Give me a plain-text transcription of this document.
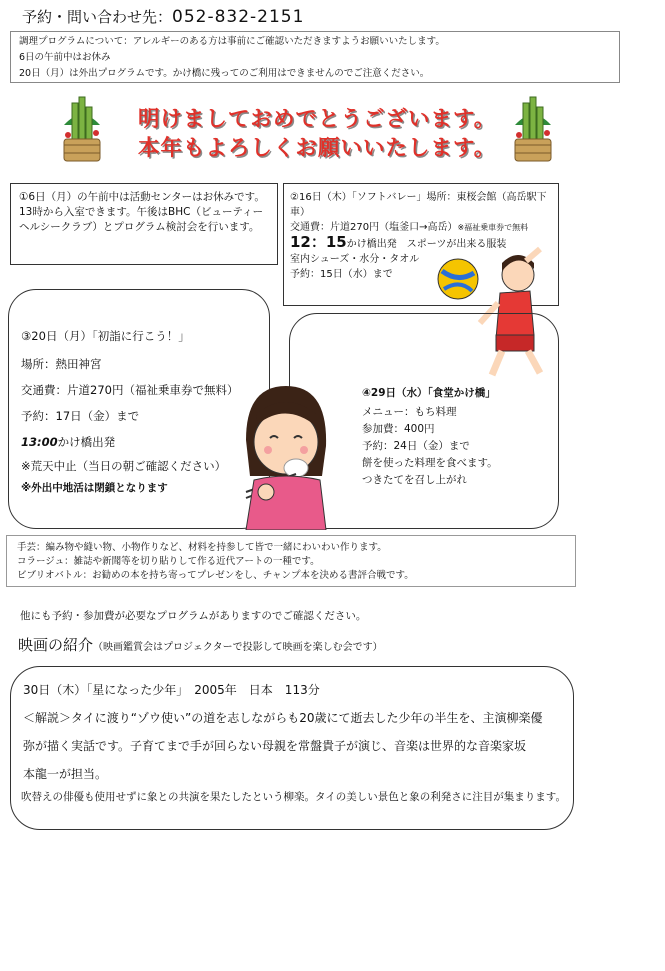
予約・問い合わせ先：052-832-2151
調理プログラムについて：アレルギーのある方は事前にご確認いただきますようお願いいたします。
6日の午前中はお休み
20日（月）は外出プログラムです。かけ橋に残ってのご利用はできませんのでご注意ください。
明けましておめでとうございます。
本年もよろしくお願いいたします。
①6日（月）の午前中は活動センターはお休みです。13時から入室できます。午後はBHC（ビューティーヘルシークラブ）とプログラム検討会を行います。
②16日（木）「ソフトバレー」場所：東桜会館（高岳駅下車）
交通費：片道270円（塩釜口→高岳）※福祉乗車券で無料
12：15かけ橋出発　スポーツが出来る服装
室内シューズ・水分・タオル
予約：15日（水）まで
③20日（月）「初詣に行こう！」
場所：熱田神宮
交通費：片道270円（福祉乗車券で無料）
予約：17日（金）まで
13:00かけ橋出発
※荒天中止（当日の朝ご確認ください）
※外出中地活は閉鎖となります
④29日（水）「食堂かけ橋」
メニュー：もち料理
参加費：400円
予約：24日（金）まで
餅を使った料理を食べます。
つきたてを召し上がれ
手芸：編み物や縫い物、小物作りなど、材料を持参して皆で一緒にわいわい作ります。
コラージュ：雑誌や新聞等を切り貼りして作る近代アートの一種です。
ビブリオバトル：お勧めの本を持ち寄ってプレゼンをし、チャンプ本を決める書評合戦です。
他にも予約・参加費が必要なプログラムがありますのでご確認ください。
映画の紹介（映画鑑賞会はプロジェクターで投影して映画を楽しむ会です）
30日（木）「星になった少年」　2005年　日本　113分
＜解説＞タイに渡り“ゾウ使い”の道を志しながらも20歳にて逝去した少年の半生を、主演柳楽優
弥が描く実話です。子育てまで手が回らない母親を常盤貴子が演じ、音楽は世界的な音楽家坂
本龍一が担当。
吹替えの俳優も使用せずに象との共演を果たしたという柳楽。タイの美しい景色と象の利発さに注目が集まります。
